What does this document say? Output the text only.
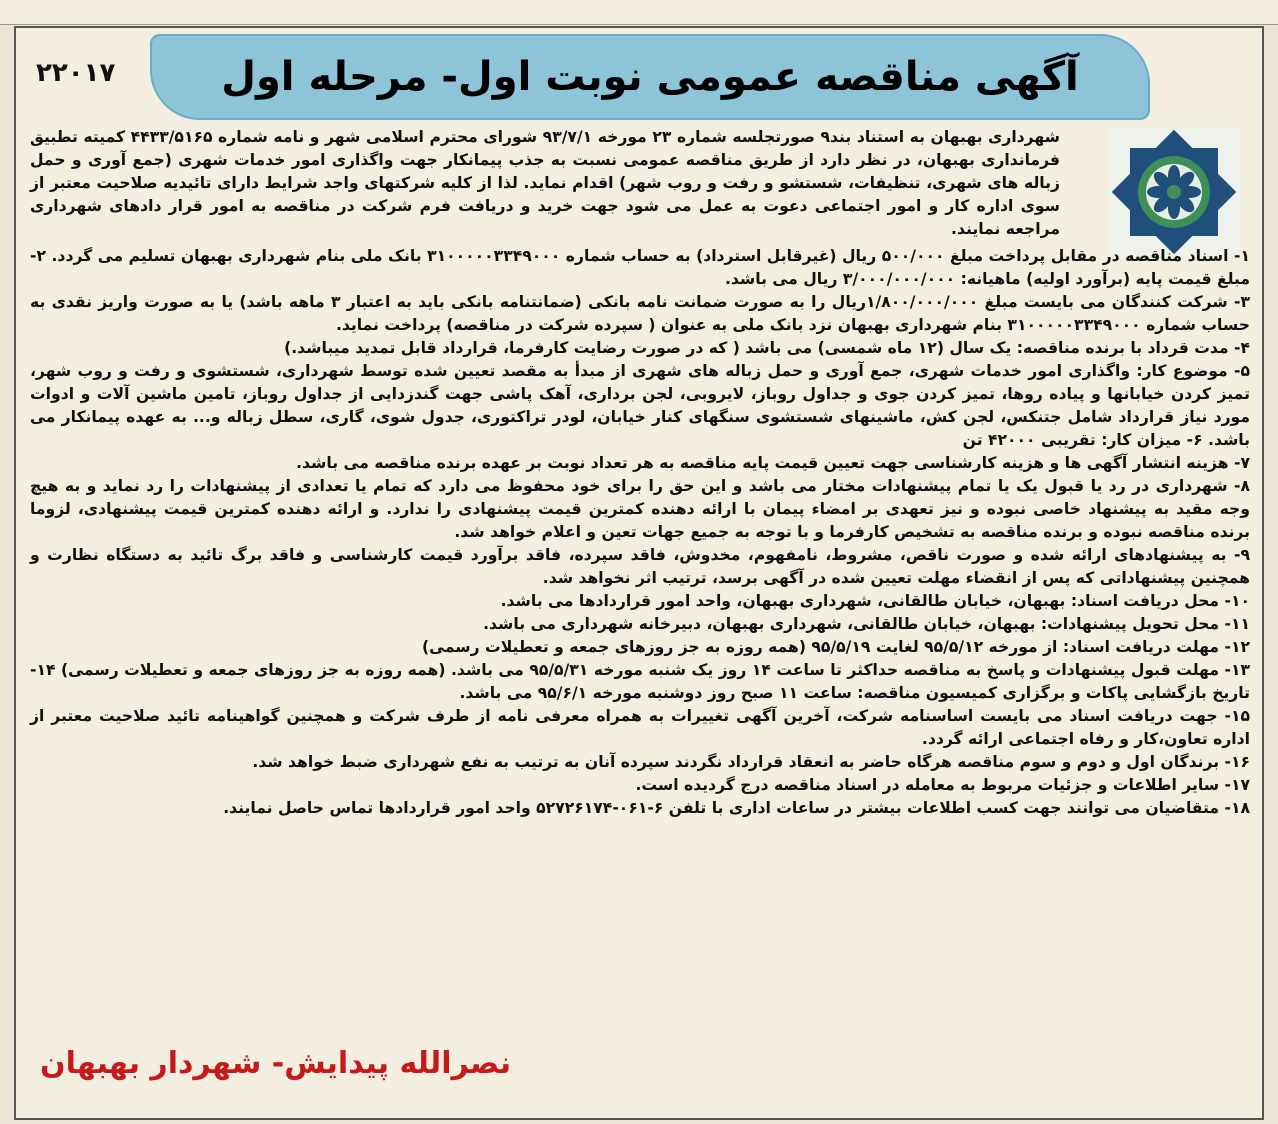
آگهی مناقصه عمومی نوبت اول- مرحله اول
۲۲۰۱۷

شهرداری بهبهان به استناد بند۹ صورتجلسه شماره ۲۳ مورخه ۹۳/۷/۱ شورای محترم اسلامی شهر و نامه شماره ۴۴۳۳/۵۱۶۵ کمیته تطبیق فرمانداری بهبهان، در نظر دارد از طریق مناقصه عمومی نسبت به جذب پیمانکار جهت واگذاری امور خدمات شهری (جمع آوری و حمل زباله های شهری، تنظیفات، شستشو و رفت و روب شهر) اقدام نماید. لذا از کلیه شرکتهای واجد شرایط دارای تائیدیه صلاحیت معتبر از سوی اداره کار و امور اجتماعی دعوت به عمل می شود جهت خرید و دریافت فرم شرکت در مناقصه به امور قرار دادهای شهرداری مراجعه نمایند.

۱- اسناد مناقصه در مقابل پرداخت مبلغ ۵۰۰/۰۰۰ ریال (غیرقابل استرداد) به حساب شماره ۳۱۰۰۰۰۰۳۳۴۹۰۰۰ بانک ملی بنام شهرداری بهبهان تسلیم می گردد. ۲- مبلغ قیمت پایه (برآورد اولیه) ماهیانه: ۳/۰۰۰/۰۰۰/۰۰۰ ریال می باشد.

۳- شرکت کنندگان می بایست مبلغ ۱/۸۰۰/۰۰۰/۰۰۰ریال را به صورت ضمانت نامه بانکی (ضمانتنامه بانکی باید به اعتبار ۳ ماهه باشد) یا به صورت واریز نقدی به حساب شماره ۳۱۰۰۰۰۰۳۳۴۹۰۰۰ بنام شهرداری بهبهان نزد بانک ملی به عنوان ( سپرده شرکت در مناقصه) پرداخت نماید.

۴- مدت قرداد با برنده مناقصه: یک سال (۱۲ ماه شمسی) می باشد ( که در صورت رضایت کارفرما، قرارداد قابل تمدید میباشد.)

۵- موضوع کار: واگذاری امور خدمات شهری، جمع آوری و حمل زباله های شهری از مبدأ به مقصد تعیین شده توسط شهرداری، شستشوی و رفت و روب شهر، تمیز کردن خیابانها و پیاده روها، تمیز کردن جوی و جداول روباز، لایروبی، لجن برداری، آهک پاشی جهت گندزدایی از جداول روباز، تامین ماشین آلات و ادوات مورد نیاز قرارداد شامل جتنکس، لجن کش، ماشینهای شستشوی سنگهای کنار خیابان، لودر تراکتوری، جدول شوی، گاری، سطل زباله و... به عهده پیمانکار می باشد. ۶- میزان کار: تقریبی ۴۲۰۰۰ تن

۷- هزینه انتشار آگهی ها و هزینه کارشناسی جهت تعیین قیمت پایه مناقصه به هر تعداد نوبت بر عهده برنده مناقصه می باشد.

۸- شهرداری در رد یا قبول یک یا تمام پیشنهادات مختار می باشد و این حق را برای خود محفوظ می دارد که تمام یا تعدادی از پیشنهادات را رد نماید و به هیچ وجه مقید به پیشنهاد خاصی نبوده و نیز تعهدی بر امضاء پیمان با ارائه دهنده کمترین قیمت پیشنهادی را ندارد. و ارائه دهنده کمترین قیمت پیشنهادی، لزوما برنده مناقصه نبوده و برنده مناقصه به تشخیص کارفرما و با توجه به جمیع جهات تعین و اعلام خواهد شد.

۹- به پیشنهادهای ارائه شده و صورت ناقص، مشروط، نامفهوم، مخدوش، فاقد سپرده، فاقد برآورد قیمت کارشناسی و فاقد برگ تائید به دستگاه نظارت و همچنین پیشنهاداتی که پس از انقضاء مهلت تعیین شده در آگهی برسد، ترتیب اثر نخواهد شد.

۱۰- محل دریافت اسناد: بهبهان، خیابان طالقانی، شهرداری بهبهان، واحد امور قراردادها می باشد.

۱۱- محل تحویل پیشنهادات: بهبهان، خیابان طالقانی، شهرداری بهبهان، دبیرخانه شهرداری می باشد.

۱۲- مهلت دریافت اسناد: از مورخه ۹۵/۵/۱۲ لغایت ۹۵/۵/۱۹ (همه روزه به جز روزهای جمعه و تعطیلات رسمی)

۱۳- مهلت قبول پیشنهادات و پاسخ به مناقصه حداکثر تا ساعت ۱۴ روز یک شنبه مورخه ۹۵/۵/۳۱ می باشد. (همه روزه به جز روزهای جمعه و تعطیلات رسمی) ۱۴- تاریخ بازگشایی پاکات و برگزاری کمیسیون مناقصه: ساعت ۱۱ صبح روز دوشنبه مورخه ۹۵/۶/۱ می باشد.

۱۵- جهت دریافت اسناد می بایست اساسنامه شرکت، آخرین آگهی تغییرات به همراه معرفی نامه از طرف شرکت و همچنین گواهینامه تائید صلاحیت معتبر از اداره تعاون،کار و رفاه اجتماعی ارائه گردد.

۱۶- برندگان اول و دوم و سوم مناقصه هرگاه حاضر به انعقاد قرارداد نگردند سپرده آنان به ترتیب به نفع شهرداری ضبط خواهد شد.

۱۷- سایر اطلاعات و جزئیات مربوط به معامله در اسناد مناقصه درج گردیده است.

۱۸- متقاضیان می توانند جهت کسب اطلاعات بیشتر در ساعات اداری با تلفن ۶-۰۶۱-۵۲۷۲۶۱۷۴ واحد امور قراردادها تماس حاصل نمایند.

نصرالله پیدایش- شهردار بهبهان
